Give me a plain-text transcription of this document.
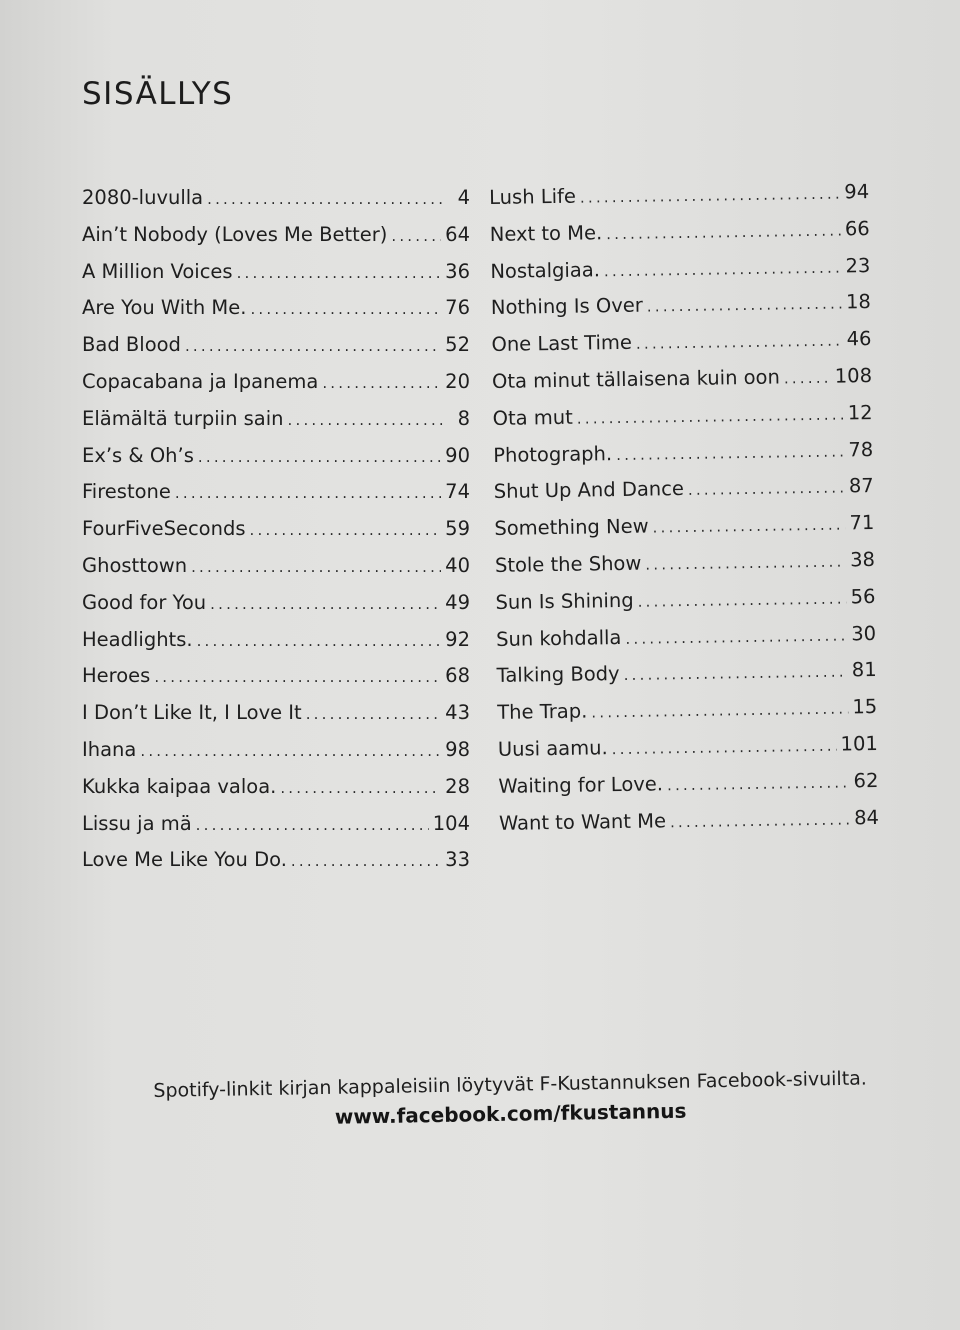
SISÄLLYS
2080-luvulla .....	4
Ain’t Nobody (Loves Me Better) .....	64
A Million Voices .....	36
Are You With Me. .....	76
Bad Blood .....	52
Copacabana ja Ipanema .....	20
Elämältä turpiin sain .....	8
Ex’s & Oh’s .....	90
Firestone .....	74
FourFiveSeconds .....	59
Ghosttown .....	40
Good for You .....	49
Headlights. .....	92
Heroes .....	68
I Don’t Like It, I Love It .....	43
Ihana .....	98
Kukka kaipaa valoa. .....	28
Lissu ja mä .....	104
Love Me Like You Do. .....	33
Lush Life .....	94
Next to Me. .....	66
Nostalgiaa. .....	23
Nothing Is Over .....	18
One Last Time .....	46
Ota minut tällaisena kuin oon .....	108
Ota mut .....	12
Photograph. .....	78
Shut Up And Dance .....	87
Something New .....	71
Stole the Show .....	38
Sun Is Shining .....	56
Sun kohdalla .....	30
Talking Body .....	81
The Trap. .....	15
Uusi aamu. .....	101
Waiting for Love. .....	62
Want to Want Me .....	84
Spotify-linkit kirjan kappaleisiin löytyvät F-Kustannuksen Facebook-sivuilta.
www.facebook.com/fkustannus
